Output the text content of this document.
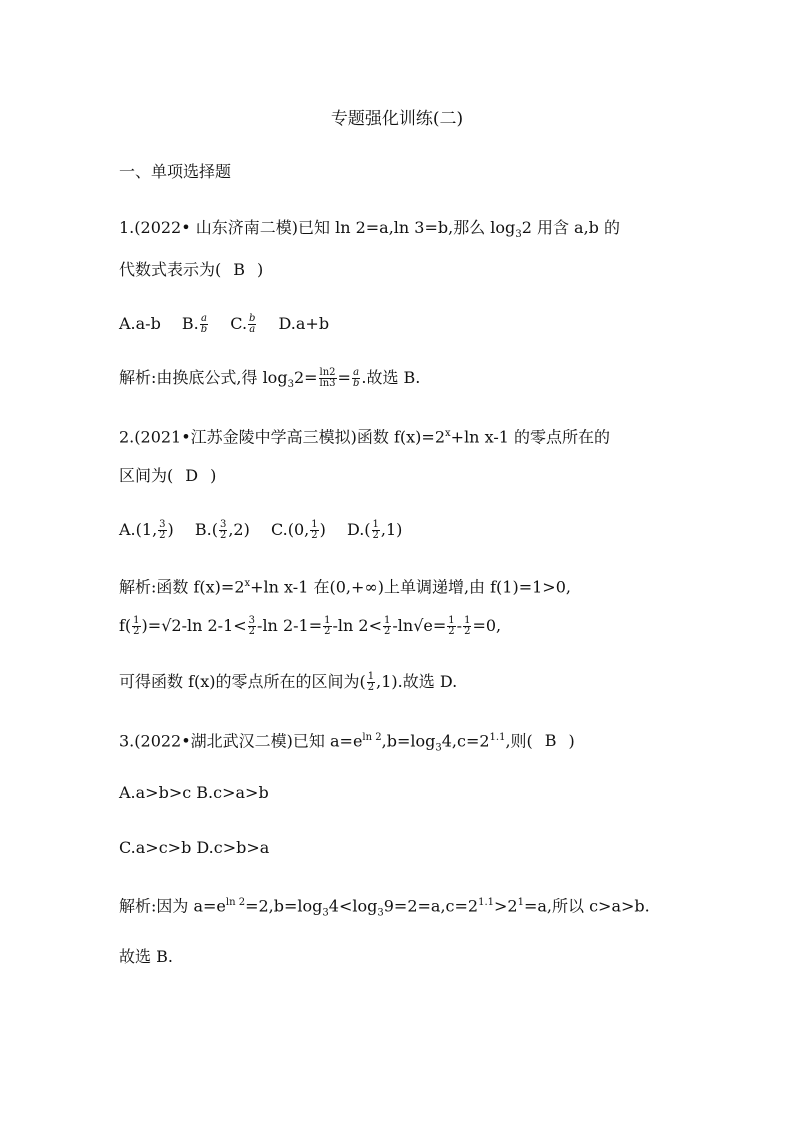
专题强化训练(二)
一、单项选择题
1.(2022• 山东济南二模)已知 ln 2=a,ln 3=b,那么 $\log_32$ 用含 a,b 的
代数式表示为( B )
A.a-b B. $\frac{a}{b} C$. $\frac{b}{a} D.a+b$
解析:由换底公式,得 $\log_32= \frac{\ln 2}{\ln 3} = \frac{a}{b}$ .故选 B.
2.(2021•江苏金陵中学高三模拟)函数 $f(x)=2^x+\ln$ x-1 的零点所在的
区间为( D )
A.(1, $\frac{3}{2}$ ) $B.( \frac{3}{2} ,2)$ C.(0, $\frac{1}{2}$ ) $D.( \frac{1}{2} ,1)$
解析:函数 $f(x)=2^x+\ln$ x-1 在(0,+∞)上单调递增,由 f(1)=1>0,
$f( \frac{1}{2} )=√2-\ln$ $2-1< \frac{3}{2} -\ln$ $2-1= \frac{1}{2} -\ln$ $2< \frac{1}{2} -\ln√e= \frac{1}{2} - \frac{1}{2} =0$,
可得函数 f(x)的零点所在的区间为( $\frac{1}{2} ,1$).故选 D.
3.(2022•湖北武汉二模)已知 $a=e^{ln 2},b=\log_34,c=2^{1.1}$,则( B )
A.a>b>c B.c>a>b
C.a>c>b D.c>b>a
解析:因为 $a=e^{ln 2}=2,b=\log_34<\log_39=2=a,c=2^{1.1}>2^1=a$,所以 c>a>b.
故选 B.
